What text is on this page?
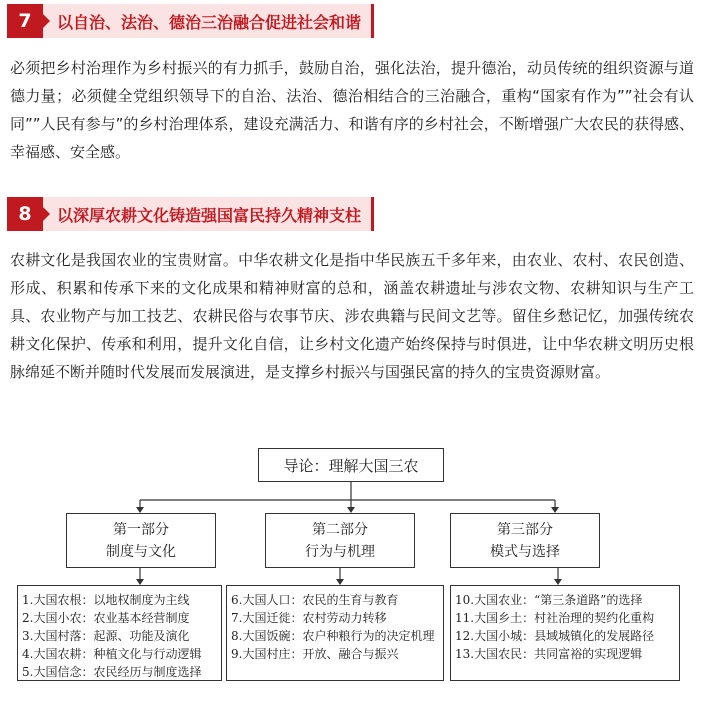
7	以自治、法治、德治三治融合促进社会和谐

必须把乡村治理作为乡村振兴的有力抓手，鼓励自治，强化法治，提升德治，动员传统的组织资源与道德力量；必须健全党组织领导下的自治、法治、德治相结合的三治融合，重构“国家有作为””社会有认同””人民有参与”的乡村治理体系，建设充满活力、和谐有序的乡村社会，不断增强广大农民的获得感、幸福感、安全感。

8	以深厚农耕文化铸造强国富民持久精神支柱

农耕文化是我国农业的宝贵财富。中华农耕文化是指中华民族五千多年来，由农业、农村、农民创造、形成、积累和传承下来的文化成果和精神财富的总和，涵盖农耕遗址与涉农文物、农耕知识与生产工具、农业物产与加工技艺、农耕民俗与农事节庆、涉农典籍与民间文艺等。留住乡愁记忆，加强传统农耕文化保护、传承和利用，提升文化自信，让乡村文化遗产始终保持与时俱进，让中华农耕文明历史根脉绵延不断并随时代发展而发展演进，是支撑乡村振兴与国强民富的持久的宝贵资源财富。

导论：理解大国三农
第一部分
制度与文化
第二部分
行为与机理
第三部分
模式与选择
1.大国农根：以地权制度为主线
2.大国小农：农业基本经营制度
3.大国村落：起源、功能及演化
4.大国农耕：种植文化与行动逻辑
5.大国信念：农民经历与制度选择
6.大国人口：农民的生育与教育
7.大国迁徙：农村劳动力转移
8.大国饭碗：农户种粮行为的决定机理
9.大国村庄：开放、融合与振兴
10.大国农业：“第三条道路”的选择
11.大国乡土：村社治理的契约化重构
12.大国小城：县域城镇化的发展路径
13.大国农民：共同富裕的实现逻辑
